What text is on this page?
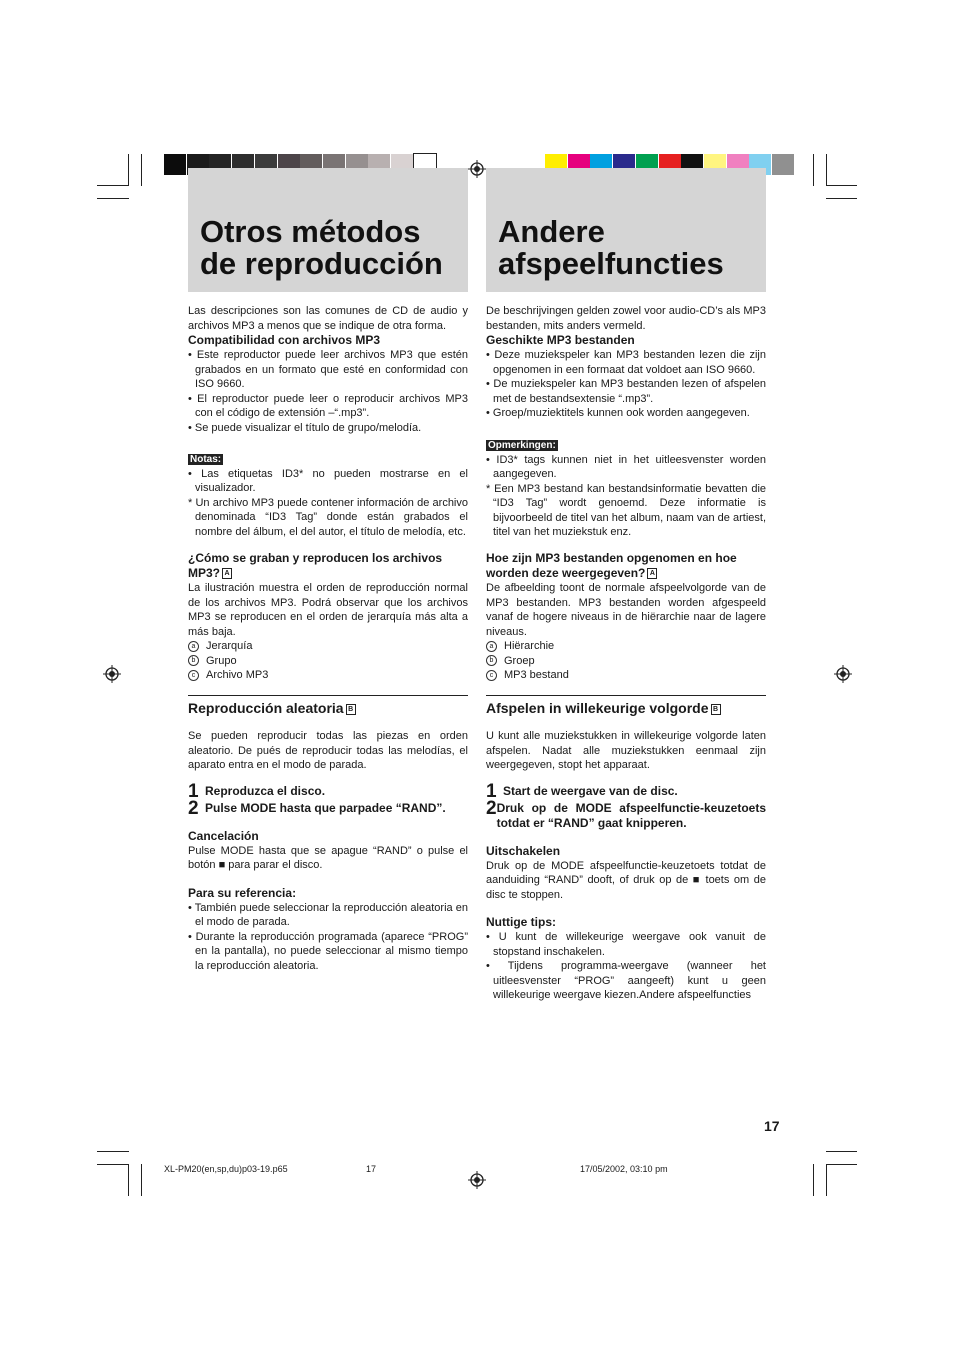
Otros métodos
de reproducción
Andere
afspeelfuncties

Las descripciones son las comunes de CD de audio y archivos MP3 a menos que se indique de otra forma.

Compatibilidad con archivos MP3

• Este reproductor puede leer archivos MP3 que estén grabados en un formato que esté en conformidad con ISO 9660.

• El reproductor puede leer o reproducir archivos MP3 con el código de extensión –“.mp3”.

• Se puede visualizar el título de grupo/melodía.

Notas:

• Las etiquetas ID3* no pueden mostrarse en el visualizador.

* Un archivo MP3 puede contener información de archivo denominada “ID3 Tag” donde están grabados el nombre del álbum, el del autor, el título de melodía, etc.

¿Cómo se graban y reproducen los archivos MP3? A

La ilustración muestra el orden de reproducción normal de los archivos MP3. Podrá observar que los archivos MP3 se reproducen en el orden de jerarquía más alta a más baja.

a Jerarquía

b Grupo

c Archivo MP3

Reproducción aleatoria B

Se pueden reproducir todas las piezas en orden aleatorio. De pués de reproducir todas las melodías, el aparato entra en el modo de parada.

1 Reproduzca el disco.

2 Pulse MODE hasta que parpadee “RAND”.

Cancelación

Pulse MODE hasta que se apague “RAND” o pulse el botón ■ para parar el disco.

Para su referencia:

• También puede seleccionar la reproducción aleatoria en el modo de parada.

• Durante la reproducción programada (aparece “PROG” en la pantalla), no puede seleccionar al mismo tiempo la reproducción aleatoria.

De beschrijvingen gelden zowel voor audio-CD’s als MP3 bestanden, mits anders vermeld.

Geschikte MP3 bestanden

• Deze muziekspeler kan MP3 bestanden lezen die zijn opgenomen in een formaat dat voldoet aan ISO 9660.

• De muziekspeler kan MP3 bestanden lezen of afspelen met de bestandsextensie “.mp3”.

• Groep/muziektitels kunnen ook worden aangegeven.

Opmerkingen:

• ID3* tags kunnen niet in het uitleesvenster worden aangegeven.

* Een MP3 bestand kan bestandsinformatie bevatten die “ID3 Tag” wordt genoemd. Deze informatie is bijvoorbeeld de titel van het album, naam van de artiest, titel van het muziekstuk enz.

Hoe zijn MP3 bestanden opgenomen en hoe worden deze weergegeven? A

De afbeelding toont de normale afspeelvolgorde van de MP3 bestanden. MP3 bestanden worden afgespeeld vanaf de hogere niveaus in de hiërarchie naar de lagere niveaus.

a Hiërarchie

b Groep

c MP3 bestand

Afspelen in willekeurige volgorde B

U kunt alle muziekstukken in willekeurige volgorde laten afspelen. Nadat alle muziekstukken eenmaal zijn weergegeven, stopt het apparaat.

1 Start de weergave van de disc.

2 Druk op de MODE afspeelfunctie-keuzetoets totdat er “RAND” gaat knipperen.

Uitschakelen

Druk op de MODE afspeelfunctie-keuzetoets totdat de aanduiding “RAND” dooft, of druk op de ■ toets om de disc te stoppen.

Nuttige tips:

• U kunt de willekeurige weergave ook vanuit de stopstand inschakelen.

• Tijdens programma-weergave (wanneer het uitleesvenster “PROG” aangeeft) kunt u geen willekeurige weergave kiezen.Andere afspeelfuncties

17
XL-PM20(en,sp,du)p03-19.p65	17	17/05/2002, 03:10 pm
